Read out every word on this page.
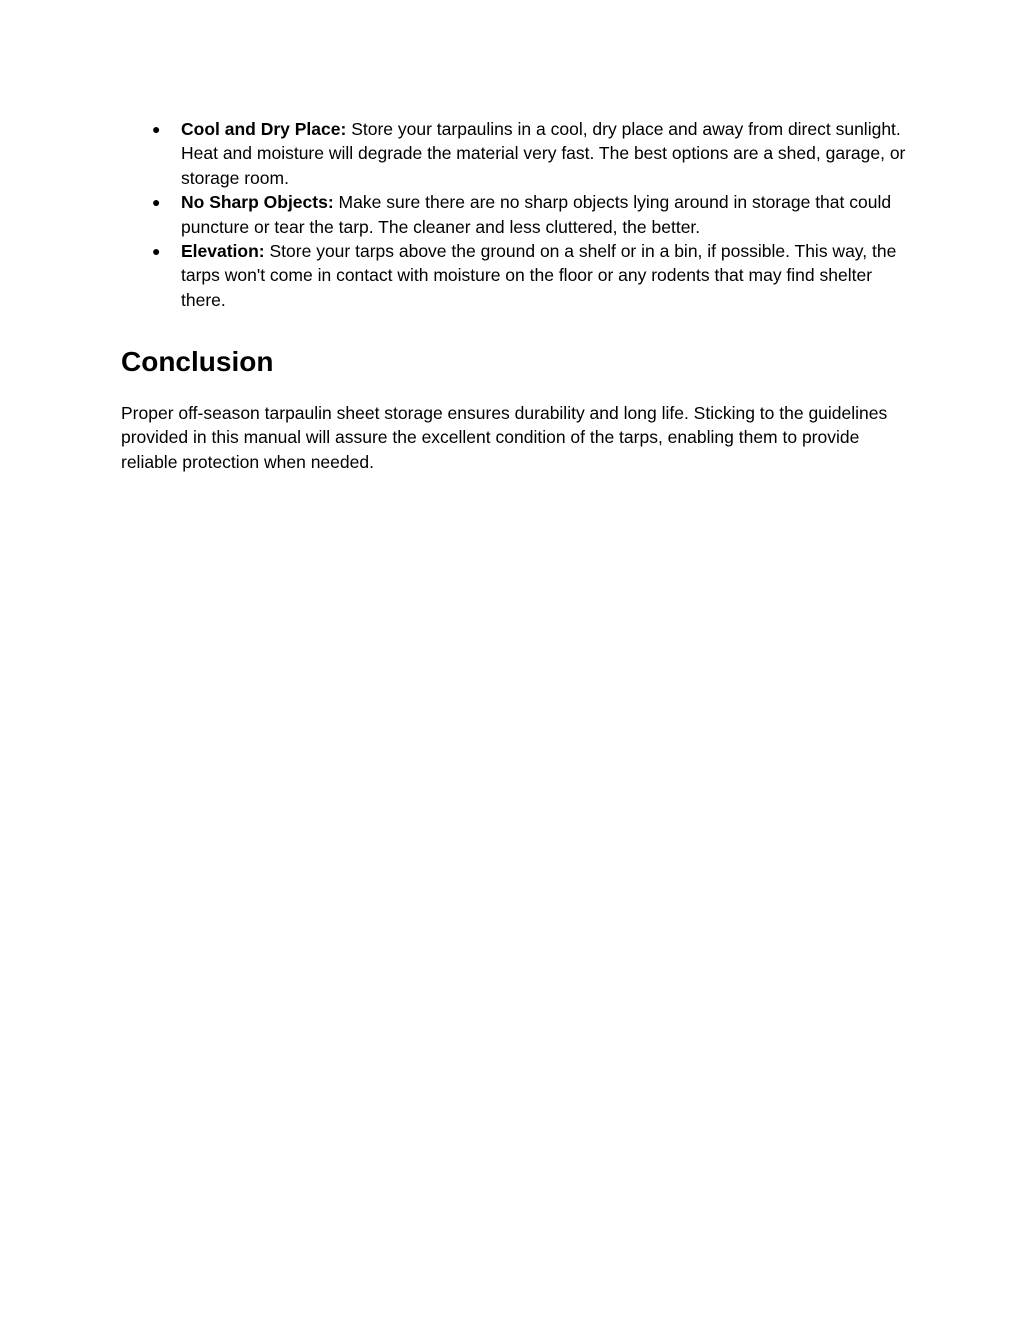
● Cool and Dry Place: Store your tarpaulins in a cool, dry place and away from direct sunlight. Heat and moisture will degrade the material very fast. The best options are a shed, garage, or storage room.
● No Sharp Objects: Make sure there are no sharp objects lying around in storage that could puncture or tear the tarp. The cleaner and less cluttered, the better.
● Elevation: Store your tarps above the ground on a shelf or in a bin, if possible. This way, the tarps won't come in contact with moisture on the floor or any rodents that may find shelter there.
Conclusion

Proper off-season tarpaulin sheet storage ensures durability and long life. Sticking to the guidelines provided in this manual will assure the excellent condition of the tarps, enabling them to provide reliable protection when needed.
